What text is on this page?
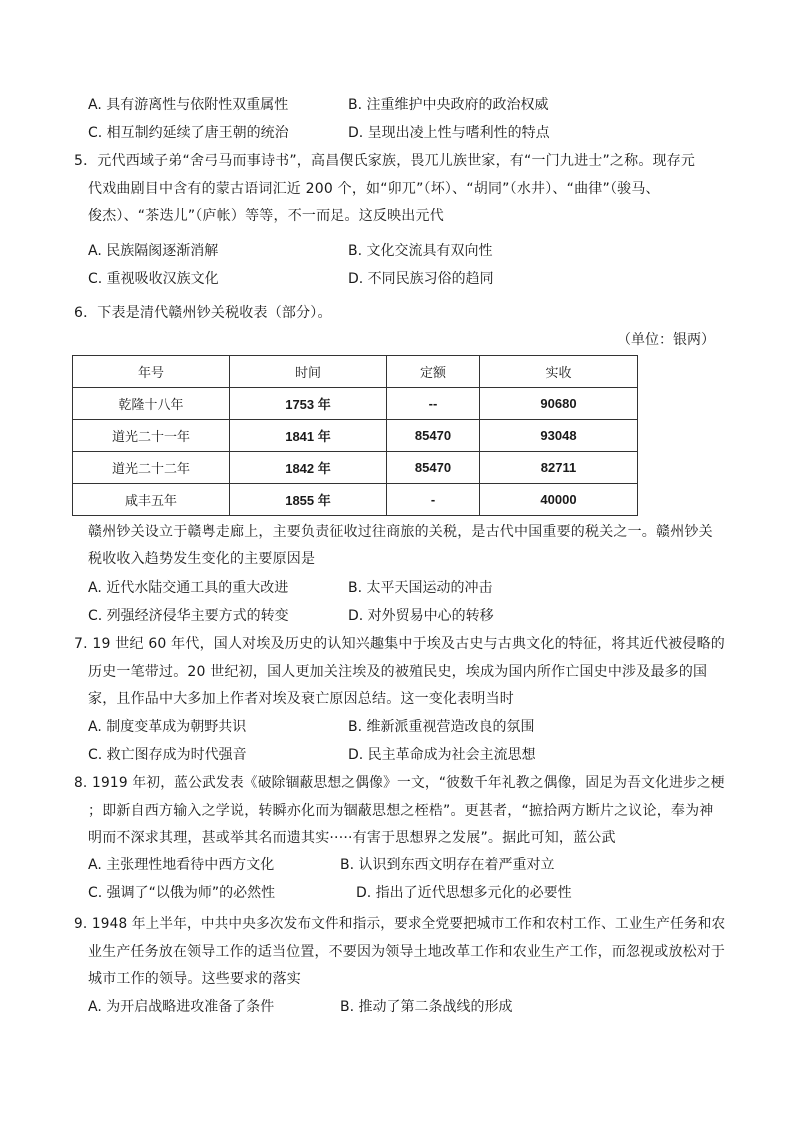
A. 具有游离性与依附性双重属性	B. 注重维护中央政府的政治权威
C. 相互制约延续了唐王朝的统治	D. 呈现出凌上性与嗜利性的特点
5．元代西域子弟“舍弓马而事诗书”，高昌偰氏家族，畏兀儿族世家，有“一门九进士”之称。现存元
代戏曲剧目中含有的蒙古语词汇近 200 个，如“卯兀”（坏）、“胡同”（水井）、“曲律”（骏马、
俊杰）、“茶迭儿”（庐帐）等等，不一而足。这反映出元代
A. 民族隔阂逐渐消解	B. 文化交流具有双向性
C. 重视吸收汉族文化	D. 不同民族习俗的趋同
6．下表是清代赣州钞关税收表（部分）。
（单位：银两）
年号	时间	定额	实收
乾隆十八年	1753 年	--	90680
道光二十一年	1841 年	85470	93048
道光二十二年	1842 年	85470	82711
咸丰五年	1855 年	-	40000
赣州钞关设立于赣粤走廊上，主要负责征收过往商旅的关税，是古代中国重要的税关之一。赣州钞关
税收收入趋势发生变化的主要原因是
A. 近代水陆交通工具的重大改进	B. 太平天国运动的冲击
C. 列强经济侵华主要方式的转变	D. 对外贸易中心的转移
7. 19 世纪 60 年代，国人对埃及历史的认知兴趣集中于埃及古史与古典文化的特征，将其近代被侵略的
历史一笔带过。20 世纪初，国人更加关注埃及的被殖民史，埃成为国内所作亡国史中涉及最多的国
家，且作品中大多加上作者对埃及衰亡原因总结。这一变化表明当时
A. 制度变革成为朝野共识	B. 维新派重视营造改良的氛围
C. 救亡图存成为时代强音	D. 民主革命成为社会主流思想
8. 1919 年初，蓝公武发表《破除锢蔽思想之偶像》一文，“彼数千年礼教之偶像，固足为吾文化进步之梗
；即新自西方输入之学说，转瞬亦化而为锢蔽思想之桎梏”。更甚者，“摭拾两方断片之议论，奉为神
明而不深求其理，甚或举其名而遗其实·····有害于思想界之发展”。据此可知，蓝公武
A. 主张理性地看待中西方文化	B. 认识到东西文明存在着严重对立
C. 强调了“以俄为师”的必然性	D. 指出了近代思想多元化的必要性
9. 1948 年上半年，中共中央多次发布文件和指示，要求全党要把城市工作和农村工作、工业生产任务和农
业生产任务放在领导工作的适当位置，不要因为领导土地改革工作和农业生产工作，而忽视或放松对于
城市工作的领导。这些要求的落实
A. 为开启战略进攻准备了条件	B. 推动了第二条战线的形成
